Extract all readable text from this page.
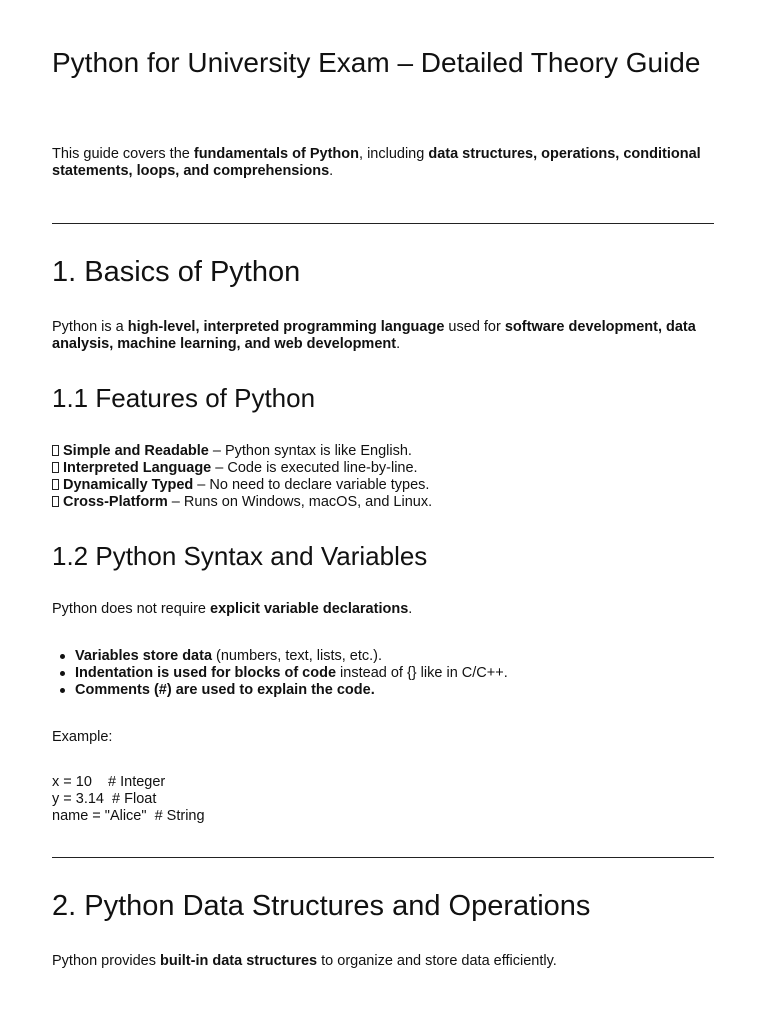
Python for University Exam – Detailed Theory Guide

This guide covers the fundamentals of Python, including data structures, operations, conditional statements, loops, and comprehensions.

1. Basics of Python

Python is a high-level, interpreted programming language used for software development, data analysis, machine learning, and web development.

1.1 Features of Python
Simple and Readable – Python syntax is like English.
Interpreted Language – Code is executed line-by-line.
Dynamically Typed – No need to declare variable types.
Cross-Platform – Runs on Windows, macOS, and Linux.
1.2 Python Syntax and Variables

Python does not require explicit variable declarations.

Variables store data (numbers, text, lists, etc.).
Indentation is used for blocks of code instead of {} like in C/C++.
Comments (#) are used to explain the code.

Example:

x = 10    # Integer
y = 3.14  # Float
name = "Alice"  # String
2. Python Data Structures and Operations

Python provides built-in data structures to organize and store data efficiently.
